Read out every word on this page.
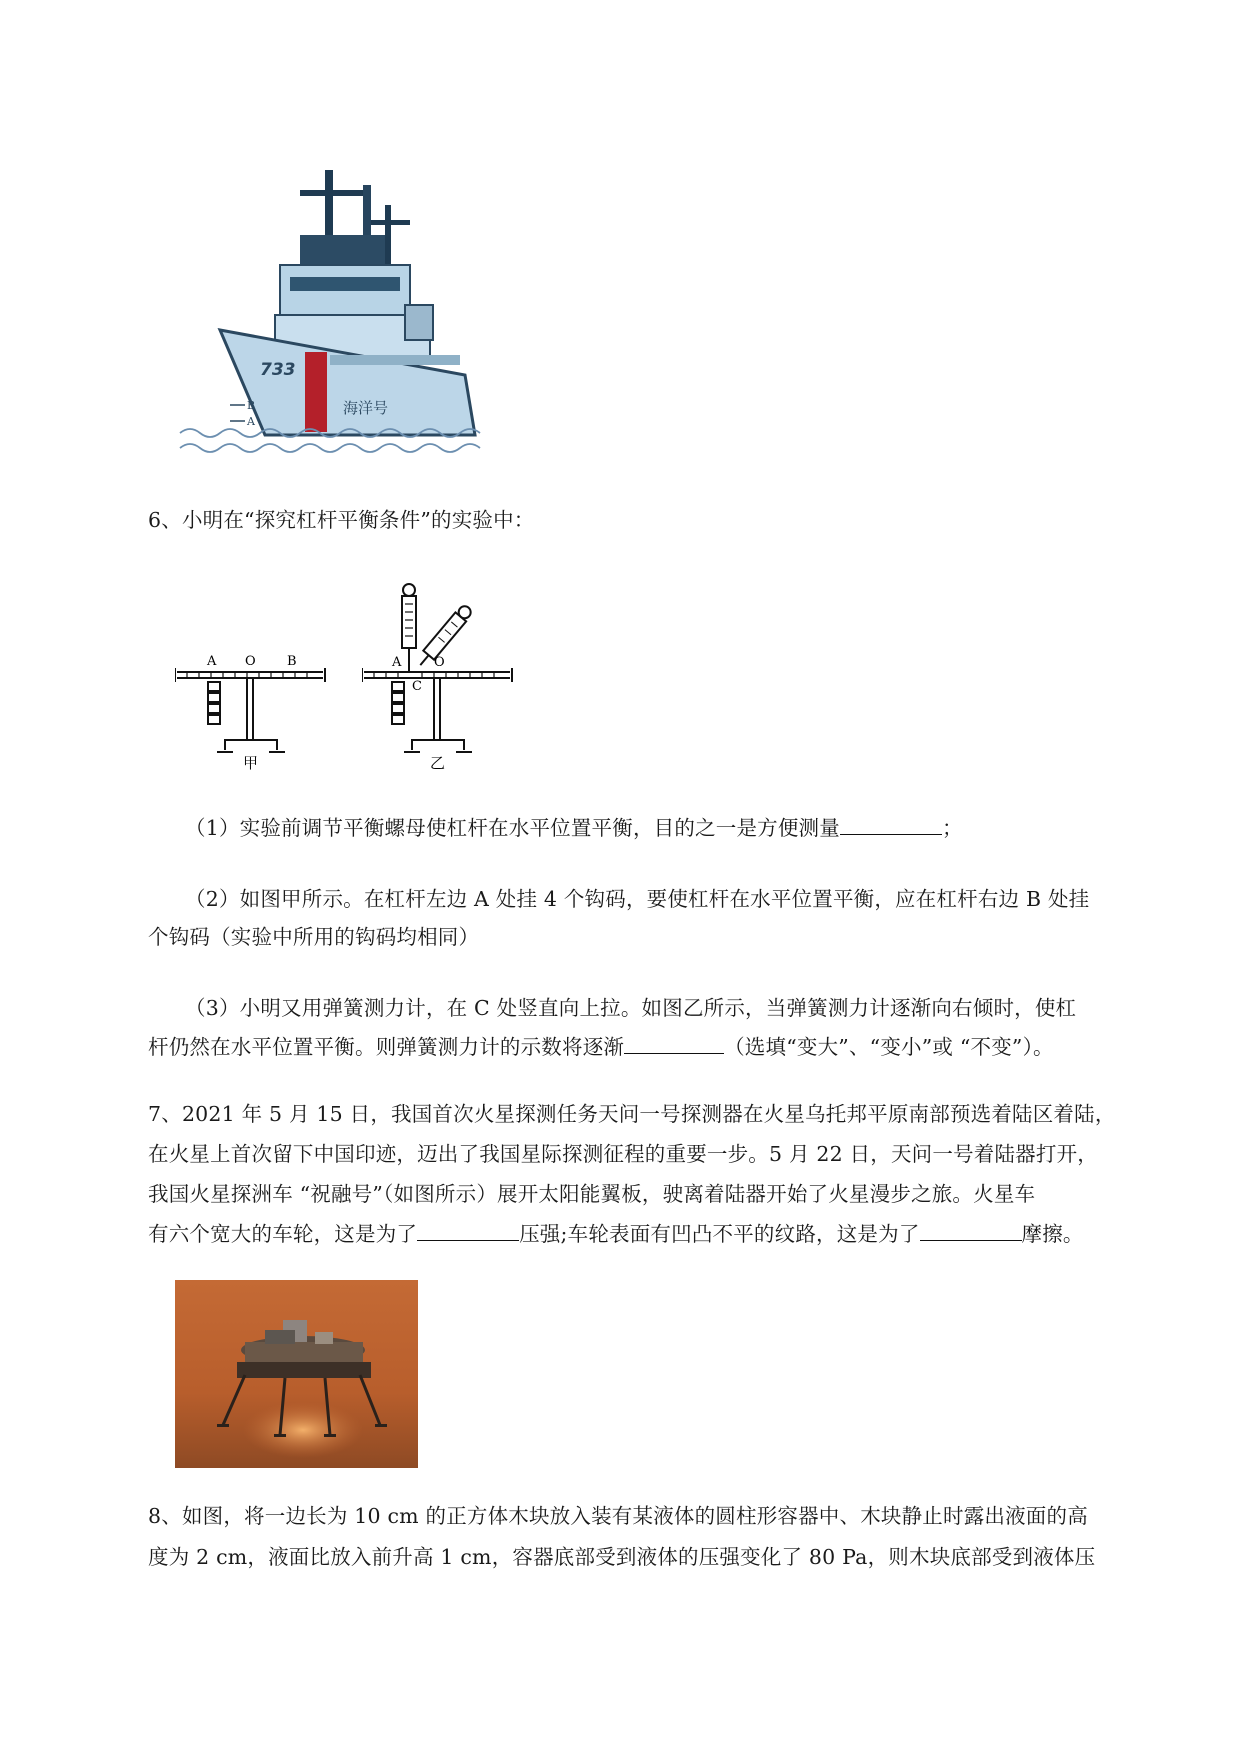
733
海洋号
B
A
6、小明在“探究杠杆平衡条件”的实验中：
A O B
甲
A	O
C
乙
（1）实验前调节平衡螺母使杠杆在水平位置平衡，目的之一是方便测量	；
（2）如图甲所示。在杠杆左边 A 处挂 4 个钩码，要使杠杆在水平位置平衡，应在杠杆右边 B 处挂
个钩码（实验中所用的钩码均相同）
（3）小明又用弹簧测力计，在 C 处竖直向上拉。如图乙所示，当弹簧测力计逐渐向右倾时，使杠
杆仍然在水平位置平衡。则弹簧测力计的示数将逐渐	（选填“变大”、“变小”或 “不变”）。
7、2021 年 5 月 15 日，我国首次火星探测任务天问一号探测器在火星乌托邦平原南部预选着陆区着陆，
在火星上首次留下中国印迹，迈出了我国星际探测征程的重要一步。5 月 22 日，天问一号着陆器打开，
我国火星探洲车 “祝融号”（如图所示）展开太阳能翼板，驶离着陆器开始了火星漫步之旅。火星车
有六个宽大的车轮，这是为了	压强;车轮表面有凹凸不平的纹路，这是为了	摩擦。
8、如图，将一边长为 10 cm 的正方体木块放入装有某液体的圆柱形容器中、木块静止时露出液面的高
度为 2 cm，液面比放入前升高 1 cm，容器底部受到液体的压强变化了 80 Pa，则木块底部受到液体压
